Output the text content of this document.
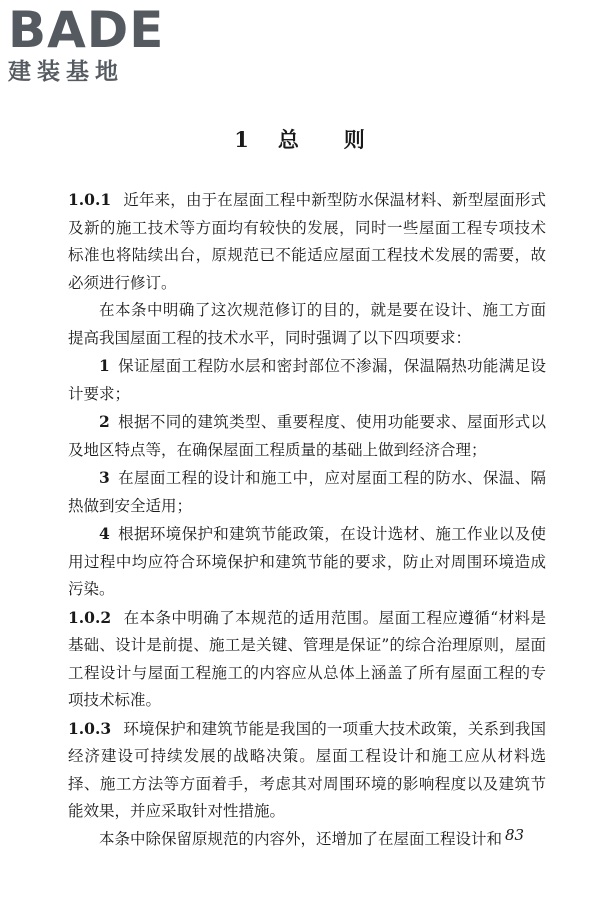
BADE
建装基地
1 总　　则

1.0.1 近年来，由于在屋面工程中新型防水保温材料、新型屋面形式及新的施工技术等方面均有较快的发展，同时一些屋面工程专项技术标准也将陆续出台，原规范已不能适应屋面工程技术发展的需要，故必须进行修订。

在本条中明确了这次规范修订的目的，就是要在设计、施工方面提高我国屋面工程的技术水平，同时强调了以下四项要求：

1 保证屋面工程防水层和密封部位不渗漏，保温隔热功能满足设计要求；

2 根据不同的建筑类型、重要程度、使用功能要求、屋面形式以及地区特点等，在确保屋面工程质量的基础上做到经济合理；

3 在屋面工程的设计和施工中，应对屋面工程的防水、保温、隔热做到安全适用；

4 根据环境保护和建筑节能政策，在设计选材、施工作业以及使用过程中均应符合环境保护和建筑节能的要求，防止对周围环境造成污染。

1.0.2 在本条中明确了本规范的适用范围。屋面工程应遵循“材料是基础、设计是前提、施工是关键、管理是保证”的综合治理原则，屋面工程设计与屋面工程施工的内容应从总体上涵盖了所有屋面工程的专项技术标准。

1.0.3 环境保护和建筑节能是我国的一项重大技术政策，关系到我国经济建设可持续发展的战略决策。屋面工程设计和施工应从材料选择、施工方法等方面着手，考虑其对周围环境的影响程度以及建筑节能效果，并应采取针对性措施。

本条中除保留原规范的内容外，还增加了在屋面工程设计和 83
